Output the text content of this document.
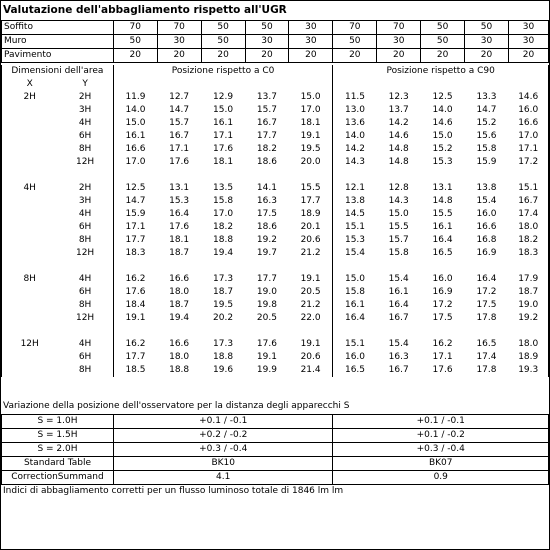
Valutazione dell'abbagliamento rispetto all'UGR
Soffito	70	70	50	50	30	70	70	50	50	30
Muro	50	30	50	30	30	50	30	50	30	30
Pavimento	20	20	20	20	20	20	20	20	20	20
Dimensioni dell'area		Posizione rispetto a C0					Posizione rispetto a C90				
X	Y										
2H	2H	11.9	12.7	12.9	13.7	15.0	11.5	12.3	12.5	13.3	14.6
	3H	14.0	14.7	15.0	15.7	17.0	13.0	13.7	14.0	14.7	16.0
	4H	15.0	15.7	16.1	16.7	18.1	13.6	14.2	14.6	15.2	16.6
	6H	16.1	16.7	17.1	17.7	19.1	14.0	14.6	15.0	15.6	17.0
	8H	16.6	17.1	17.6	18.2	19.5	14.2	14.8	15.2	15.8	17.1
	12H	17.0	17.6	18.1	18.6	20.0	14.3	14.8	15.3	15.9	17.2

4H	2H	12.5	13.1	13.5	14.1	15.5	12.1	12.8	13.1	13.8	15.1
	3H	14.7	15.3	15.8	16.3	17.7	13.8	14.3	14.8	15.4	16.7
	4H	15.9	16.4	17.0	17.5	18.9	14.5	15.0	15.5	16.0	17.4
	6H	17.1	17.6	18.2	18.6	20.1	15.1	15.5	16.1	16.6	18.0
	8H	17.7	18.1	18.8	19.2	20.6	15.3	15.7	16.4	16.8	18.2
	12H	18.3	18.7	19.4	19.7	21.2	15.4	15.8	16.5	16.9	18.3

8H	4H	16.2	16.6	17.3	17.7	19.1	15.0	15.4	16.0	16.4	17.9
	6H	17.6	18.0	18.7	19.0	20.5	15.8	16.1	16.9	17.2	18.7
	8H	18.4	18.7	19.5	19.8	21.2	16.1	16.4	17.2	17.5	19.0
	12H	19.1	19.4	20.2	20.5	22.0	16.4	16.7	17.5	17.8	19.2

12H	4H	16.2	16.6	17.3	17.6	19.1	15.1	15.4	16.2	16.5	18.0
	6H	17.7	18.0	18.8	19.1	20.6	16.0	16.3	17.1	17.4	18.9
	8H	18.5	18.8	19.6	19.9	21.4	16.5	16.7	17.6	17.8	19.3
Variazione della posizione dell'osservatore per la distanza degli apparecchi S
S = 1.0H	+0.1 / -0.1	+0.1 / -0.1
S = 1.5H	+0.2 / -0.2	+0.1 / -0.2
S = 2.0H	+0.3 / -0.4	+0.3 / -0.4
Standard Table	BK10	BK07
CorrectionSummand	4.1	0.9
Indici di abbagliamento corretti per un flusso luminoso totale di 1846 lm lm
